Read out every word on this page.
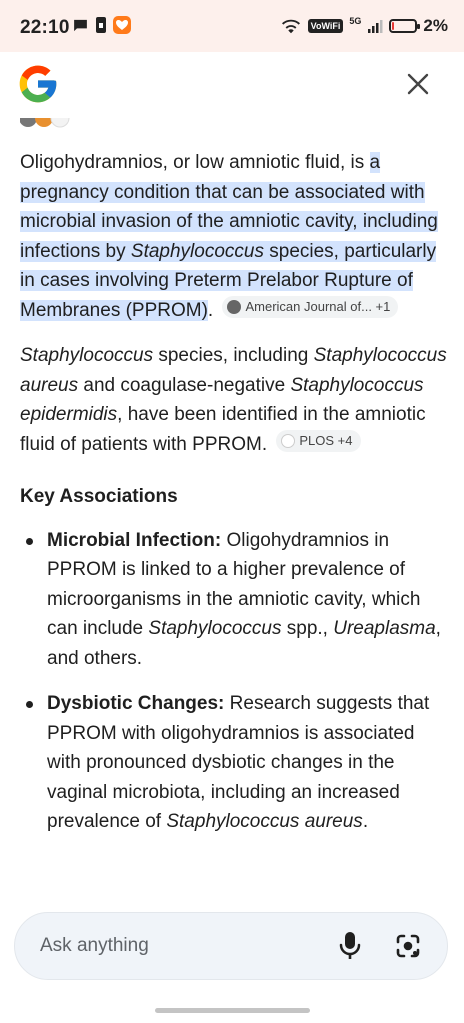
22:10	VoWiFi	5G	2%

Oligohydramnios, or low amniotic fluid, is a pregnancy condition that can be associated with microbial invasion of the amniotic cavity, including infections by Staphylococcus species, particularly in cases involving Preterm Prelabor Rupture of Membranes (PPROM). American Journal of... +1

Staphylococcus species, including Staphylococcus aureus and coagulase-negative Staphylococcus epidermidis, have been identified in the amniotic fluid of patients with PPROM. PLOS +4

Key Associations
Microbial Infection: Oligohydramnios in PPROM is linked to a higher prevalence of microorganisms in the amniotic cavity, which can include Staphylococcus spp., Ureaplasma, and others.
Dysbiotic Changes: Research suggests that PPROM with oligohydramnios is associated with pronounced dysbiotic changes in the vaginal microbiota, including an increased prevalence of Staphylococcus aureus.
Ask anything
